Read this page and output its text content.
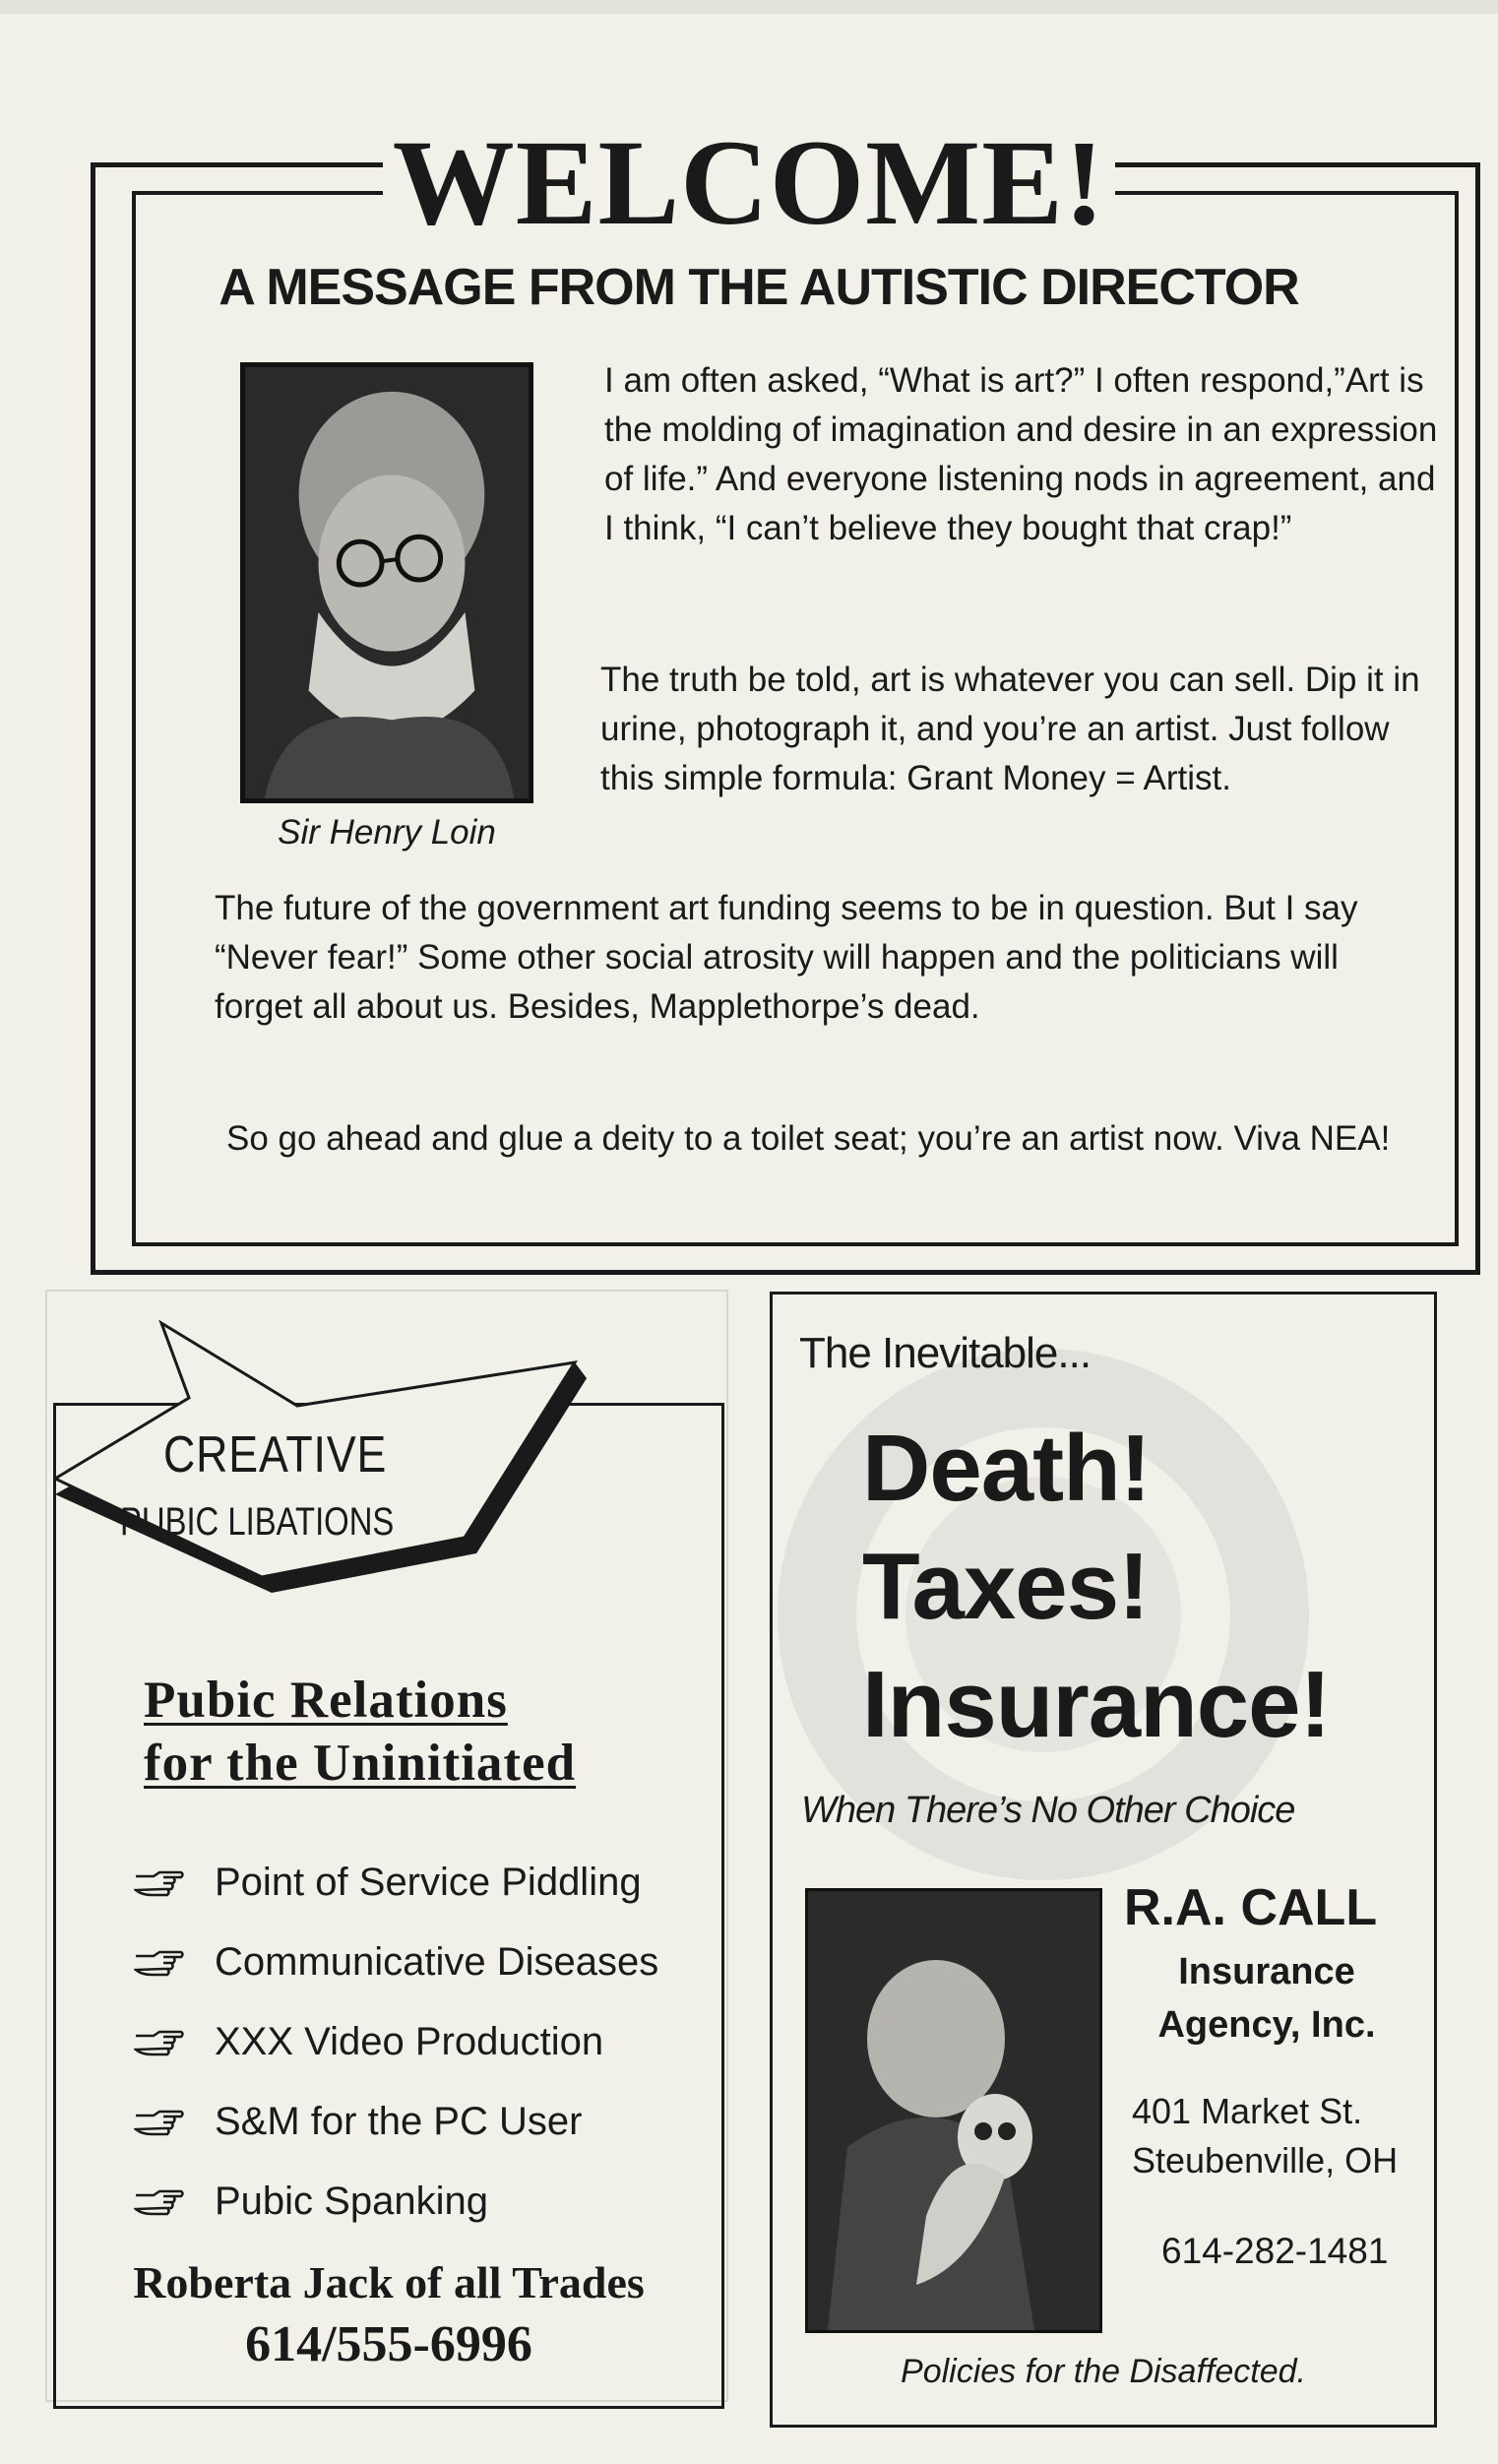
WELCOME!
A MESSAGE FROM THE AUTISTIC DIRECTOR
Sir Henry Loin
I am often asked, “What is art?” I often respond,”Art is the molding of imagination and desire in an expression of life.” And everyone listening nods in agreement, and I think, “I can’t believe they bought that crap!”
The truth be told, art is whatever you can sell. Dip it in urine, photograph it, and you’re an artist. Just follow this simple formula: Grant Money = Artist.
The future of the government art funding seems to be in question. But I say “Never fear!” Some other social atrosity will happen and the politicians will forget all about us. Besides, Mapplethorpe’s dead.
So go ahead and glue a deity to a toilet seat; you’re an artist now. Viva NEA!
CREATIVE
PUBIC LIBATIONS
Pubic Relations
for the Uninitiated
Point of Service Piddling
Communicative Diseases
XXX Video Production
S&M for the PC User
Pubic Spanking
Roberta Jack of all Trades
614/555-6996
The Inevitable...
Death!
Taxes!
Insurance!
When There’s No Other Choice
R.A. CALL
Insurance
Agency, Inc.
401 Market St.
Steubenville, OH
614-282-1481
Policies for the Disaffected.
